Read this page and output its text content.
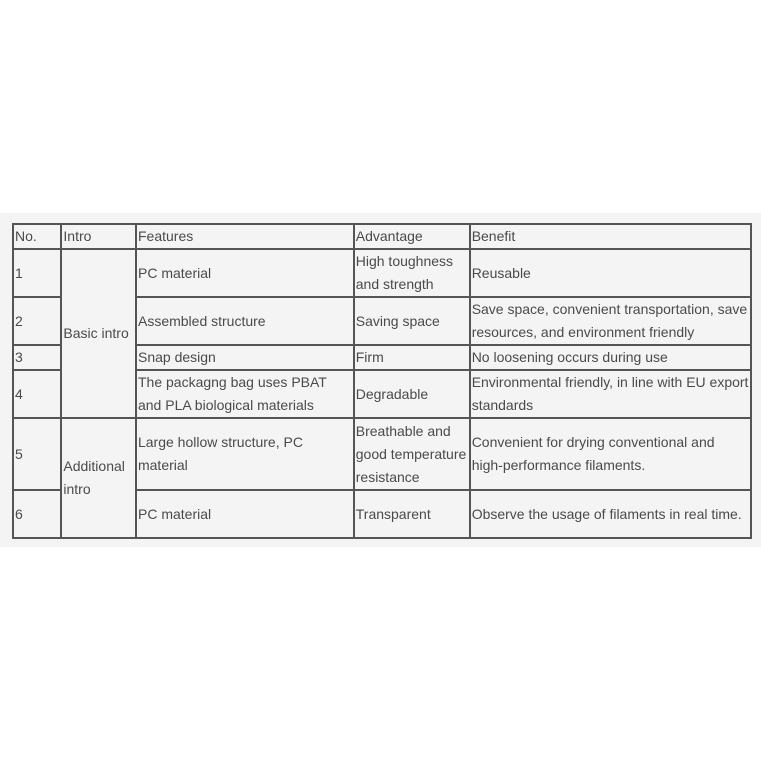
No.	Intro	Features	Advantage	Benefit
1	Basic intro	PC material	High toughness and strength	Reusable
2		Assembled structure	Saving space	Save space, convenient transportation, save resources, and environment friendly
3		Snap design	Firm	No loosening occurs during use
4		The packagng bag uses PBAT and PLA biological materials	Degradable	Environmental friendly, in line with EU export standards
5	Additional intro	Large hollow structure, PC material	Breathable and good temperature resistance	Convenient for drying conventional and high-performance filaments.
6		PC material	Transparent	Observe the usage of filaments in real time.
